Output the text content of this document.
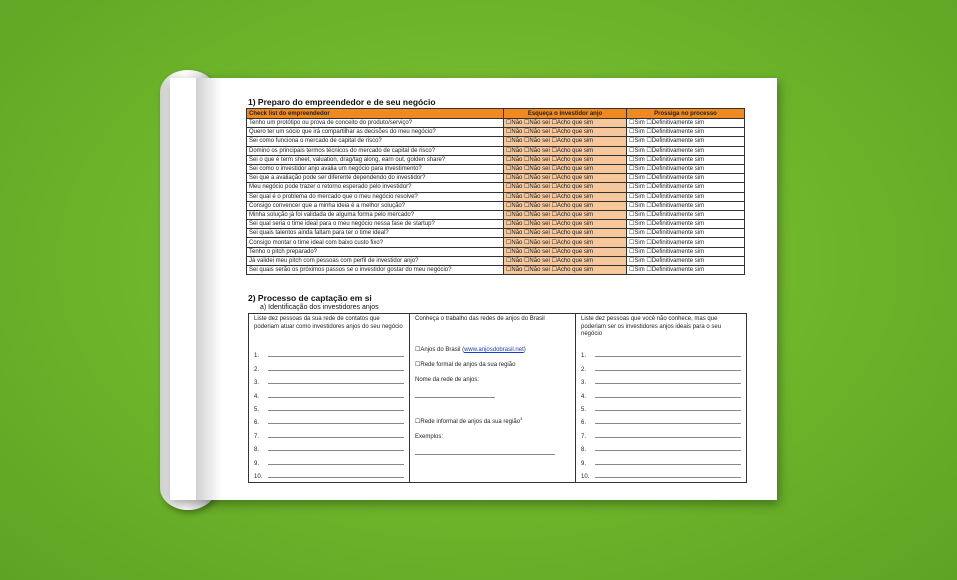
1) Preparo do empreendedor e de seu negócio
Check list do empreendedor	Esqueça o investidor anjo	Prossiga no processo
Tenho um protótipo ou prova de conceito do produto/serviço?	☐Não ☐Não sei ☐Acho que sim	☐Sim ☐Definitivamente sim
Quero ter um sócio que irá compartilhar as decisões do meu negócio?	☐Não ☐Não sei ☐Acho que sim	☐Sim ☐Definitivamente sim
Sei como funciona o mercado de capital de risco?	☐Não ☐Não sei ☐Acho que sim	☐Sim ☐Definitivamente sim
Domino os principais termos técnicos do mercado de capital de risco?	☐Não ☐Não sei ☐Acho que sim	☐Sim ☐Definitivamente sim
Sei o que é term sheet, valuation, drag/tag along, earn out, golden share?	☐Não ☐Não sei ☐Acho que sim	☐Sim ☐Definitivamente sim
Sei como o investidor anjo avalia um negócio para investimento?	☐Não ☐Não sei ☐Acho que sim	☐Sim ☐Definitivamente sim
Sei que a avaliação pode ser diferente dependendo do investidor?	☐Não ☐Não sei ☐Acho que sim	☐Sim ☐Definitivamente sim
Meu negócio pode trazer o retorno esperado pelo investidor?	☐Não ☐Não sei ☐Acho que sim	☐Sim ☐Definitivamente sim
Sei qual é o problema do mercado que o meu negócio resolve?	☐Não ☐Não sei ☐Acho que sim	☐Sim ☐Definitivamente sim
Consigo convencer que a minha ideia é a melhor solução?	☐Não ☐Não sei ☐Acho que sim	☐Sim ☐Definitivamente sim
Minha solução já foi validada de alguma forma pelo mercado?	☐Não ☐Não sei ☐Acho que sim	☐Sim ☐Definitivamente sim
Sei qual seria o time ideal para o meu negócio nessa fase de startup?	☐Não ☐Não sei ☐Acho que sim	☐Sim ☐Definitivamente sim
Sei quais talentos ainda faltam para ter o time ideal?	☐Não ☐Não sei ☐Acho que sim	☐Sim ☐Definitivamente sim
Consigo montar o time ideal com baixo custo fixo?	☐Não ☐Não sei ☐Acho que sim	☐Sim ☐Definitivamente sim
Tenho o pitch preparado?	☐Não ☐Não sei ☐Acho que sim	☐Sim ☐Definitivamente sim
Já validei meu pitch com pessoas com perfil de investidor anjo?	☐Não ☐Não sei ☐Acho que sim	☐Sim ☐Definitivamente sim
Sei quais serão os próximos passos se o investidor gostar do meu negócio?	☐Não ☐Não sei ☐Acho que sim	☐Sim ☐Definitivamente sim
2) Processo de captação em si
a) Identificação dos investidores anjos
Liste dez pessoas da sua rede de contatos que poderiam atuar como investidores anjos do seu negócio
1.
2.
3.
4.
5.
6.
7.
8.
9.
10.

Conheça o trabalho das redes de anjos do Brasil
☐Anjos do Brasil (www.anjosdobrasil.net)
☐Rede formal de anjos da sua região
Nome da rede de anjos:
☐Rede informal de anjos da sua região$^3$
Exemplos:

Liste dez pessoas que você não conhece, mas que poderiam ser os investidores anjos ideais para o seu negócio
1.
2.
3.
4.
5.
6.
7.
8.
9.
10.
